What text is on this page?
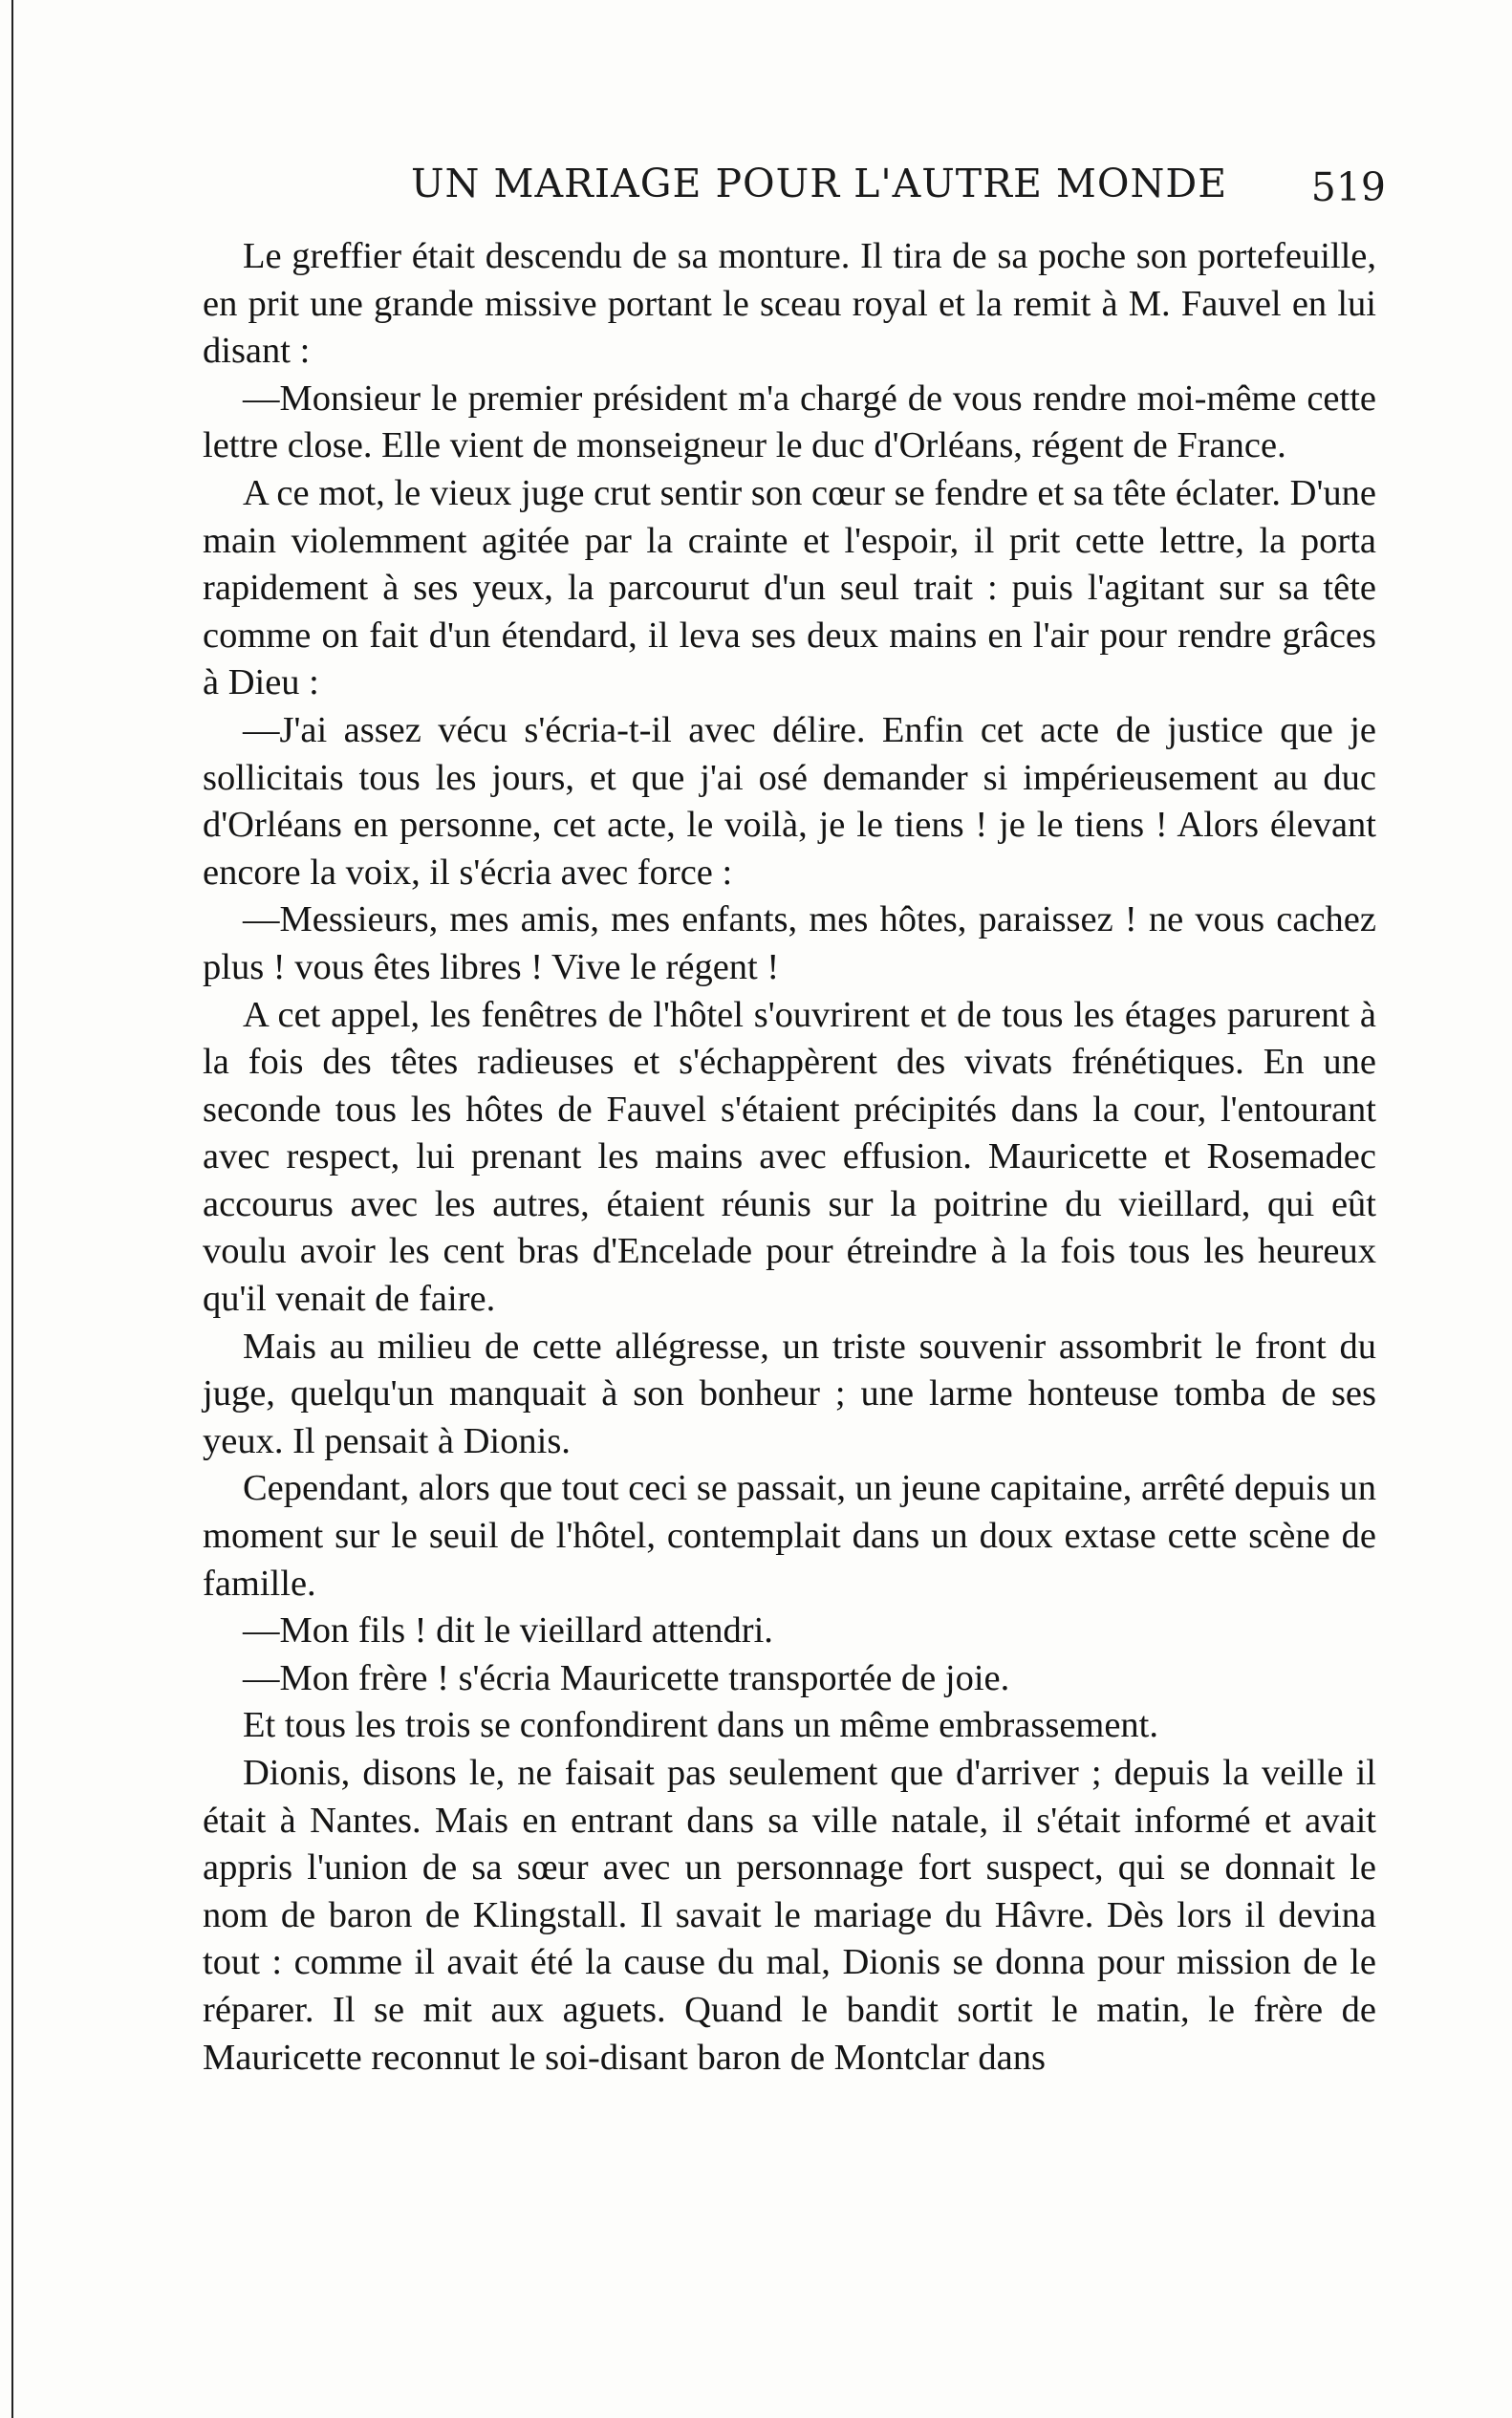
UN MARIAGE POUR L'AUTRE MONDE 519

Le greffier était descendu de sa monture. Il tira de sa poche son portefeuille, en prit une grande missive portant le sceau royal et la remit à M. Fauvel en lui disant :

—Monsieur le premier président m'a chargé de vous rendre moi-même cette lettre close. Elle vient de monseigneur le duc d'Orléans, régent de France.

A ce mot, le vieux juge crut sentir son cœur se fendre et sa tête éclater. D'une main violemment agitée par la crainte et l'espoir, il prit cette lettre, la porta rapidement à ses yeux, la parcourut d'un seul trait : puis l'agitant sur sa tête comme on fait d'un étendard, il leva ses deux mains en l'air pour rendre grâces à Dieu :

—J'ai assez vécu s'écria-t-il avec délire. Enfin cet acte de justice que je sollicitais tous les jours, et que j'ai osé demander si impérieusement au duc d'Orléans en personne, cet acte, le voilà, je le tiens ! je le tiens ! Alors élevant encore la voix, il s'écria avec force :

—Messieurs, mes amis, mes enfants, mes hôtes, paraissez ! ne vous cachez plus ! vous êtes libres ! Vive le régent !

A cet appel, les fenêtres de l'hôtel s'ouvrirent et de tous les étages parurent à la fois des têtes radieuses et s'échappèrent des vivats frénétiques. En une seconde tous les hôtes de Fauvel s'étaient précipités dans la cour, l'entourant avec respect, lui prenant les mains avec effusion. Mauricette et Rosemadec accourus avec les autres, étaient réunis sur la poitrine du vieillard, qui eût voulu avoir les cent bras d'Encelade pour étreindre à la fois tous les heureux qu'il venait de faire.

Mais au milieu de cette allégresse, un triste souvenir assombrit le front du juge, quelqu'un manquait à son bonheur ; une larme honteuse tomba de ses yeux. Il pensait à Dionis.

Cependant, alors que tout ceci se passait, un jeune capitaine, arrêté depuis un moment sur le seuil de l'hôtel, contemplait dans un doux extase cette scène de famille.

—Mon fils ! dit le vieillard attendri.

—Mon frère ! s'écria Mauricette transportée de joie.

Et tous les trois se confondirent dans un même embrassement.

Dionis, disons le, ne faisait pas seulement que d'arriver ; depuis la veille il était à Nantes. Mais en entrant dans sa ville natale, il s'était informé et avait appris l'union de sa sœur avec un personnage fort suspect, qui se donnait le nom de baron de Klingstall. Il savait le mariage du Hâvre. Dès lors il devina tout : comme il avait été la cause du mal, Dionis se donna pour mission de le réparer. Il se mit aux aguets. Quand le bandit sortit le matin, le frère de Mauricette reconnut le soi-disant baron de Montclar dans
